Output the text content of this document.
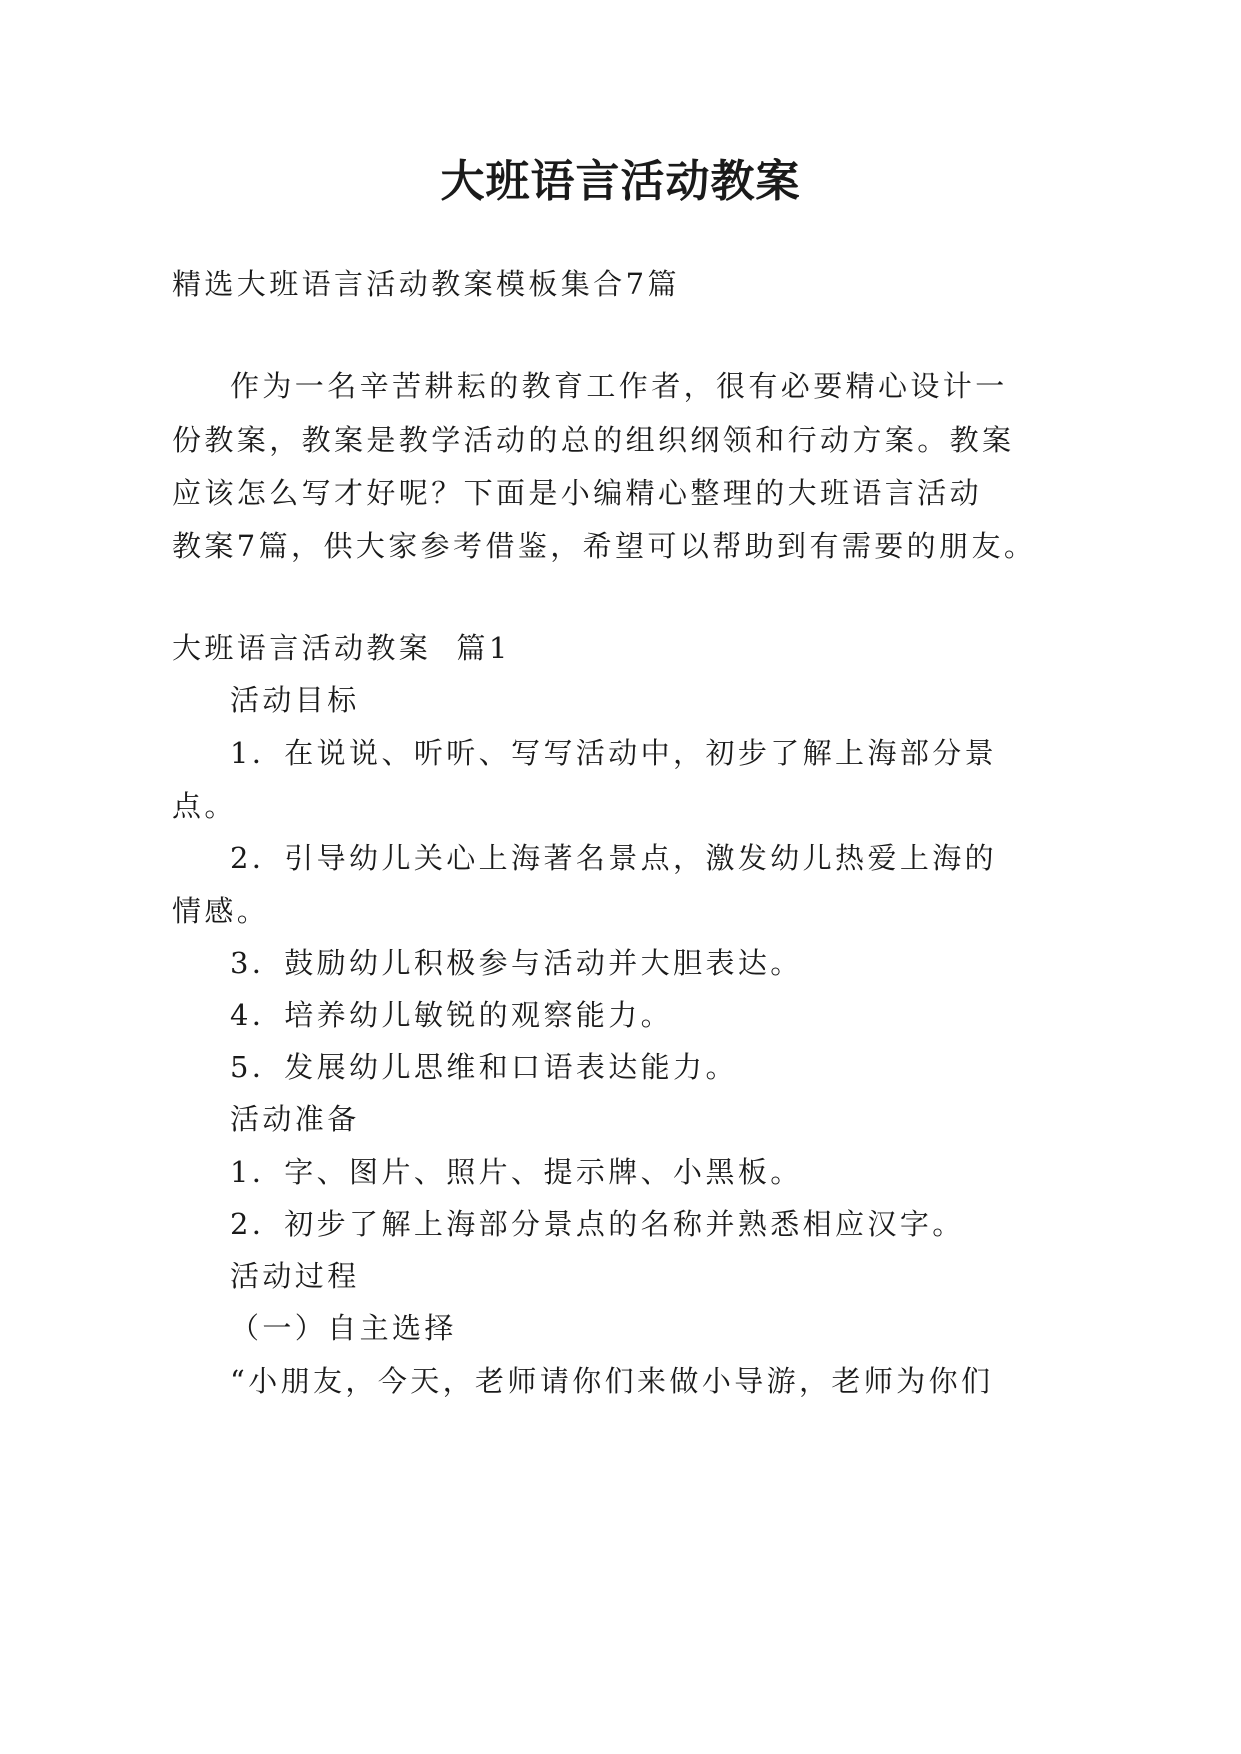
大班语言活动教案
精选大班语言活动教案模板集合7篇
作为一名辛苦耕耘的教育工作者，很有必要精心设计一
份教案，教案是教学活动的总的组织纲领和行动方案。教案
应该怎么写才好呢？下面是小编精心整理的大班语言活动
教案7篇，供大家参考借鉴，希望可以帮助到有需要的朋友。
大班语言活动教案  篇1
活动目标
1．在说说、听听、写写活动中，初步了解上海部分景
点。
2．引导幼儿关心上海著名景点，激发幼儿热爱上海的
情感。
3．鼓励幼儿积极参与活动并大胆表达。
4．培养幼儿敏锐的观察能力。
5．发展幼儿思维和口语表达能力。
活动准备
1．字、图片、照片、提示牌、小黑板。
2．初步了解上海部分景点的名称并熟悉相应汉字。
活动过程
（一）自主选择
“小朋友，今天，老师请你们来做小导游，老师为你们
